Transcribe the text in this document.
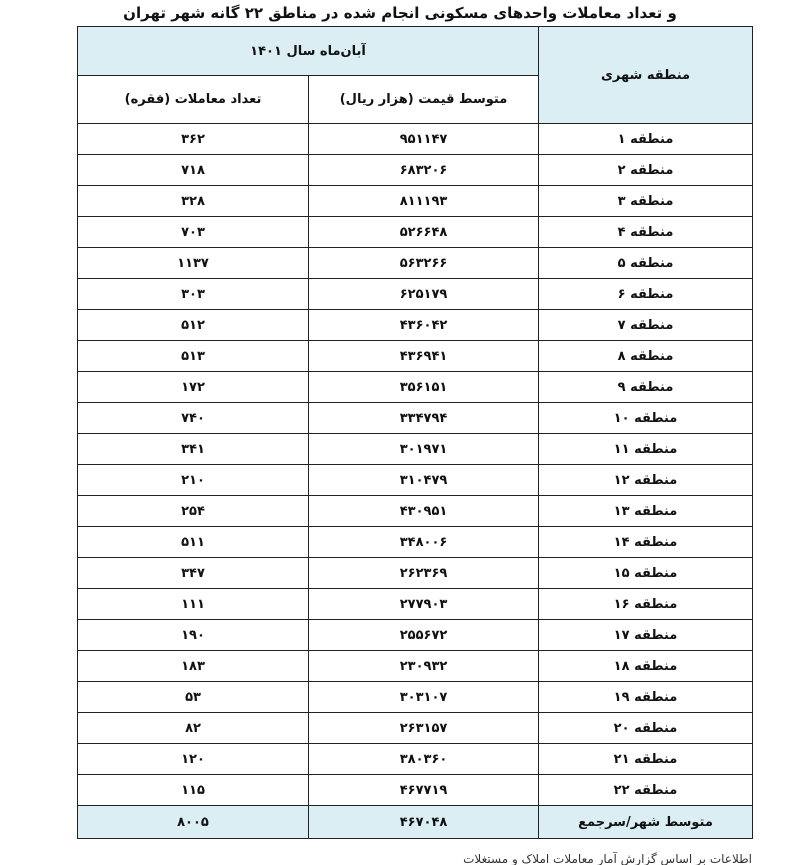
و تعداد معاملات واحدهای مسکونی انجام شده در مناطق ۲۲ گانه شهر تهران
منطقه شهری	آبان‌ماه سال ۱۴۰۱	
	متوسط قیمت (هزار ریال)	تعداد معاملات (فقره)
منطقه ۱	۹۵۱۱۴۷	۳۶۲
منطقه ۲	۶۸۳۲۰۶	۷۱۸
منطقه ۳	۸۱۱۱۹۳	۳۲۸
منطقه ۴	۵۲۶۶۴۸	۷۰۳
منطقه ۵	۵۶۳۲۶۶	۱۱۳۷
منطقه ۶	۶۲۵۱۷۹	۳۰۳
منطقه ۷	۴۳۶۰۴۲	۵۱۲
منطقه ۸	۴۳۶۹۴۱	۵۱۳
منطقه ۹	۳۵۶۱۵۱	۱۷۲
منطقه ۱۰	۳۳۴۷۹۴	۷۴۰
منطقه ۱۱	۳۰۱۹۷۱	۳۴۱
منطقه ۱۲	۳۱۰۴۷۹	۲۱۰
منطقه ۱۳	۴۳۰۹۵۱	۲۵۴
منطقه ۱۴	۳۴۸۰۰۶	۵۱۱
منطقه ۱۵	۲۶۲۳۶۹	۳۴۷
منطقه ۱۶	۲۷۷۹۰۳	۱۱۱
منطقه ۱۷	۲۵۵۶۷۲	۱۹۰
منطقه ۱۸	۲۳۰۹۳۲	۱۸۳
منطقه ۱۹	۳۰۳۱۰۷	۵۳
منطقه ۲۰	۲۶۳۱۵۷	۸۲
منطقه ۲۱	۳۸۰۳۶۰	۱۲۰
منطقه ۲۲	۴۶۷۷۱۹	۱۱۵
متوسط شهر/سرجمع	۴۶۷۰۴۸	۸۰۰۵
اطلاعات بر اساس گزارش آمار معاملات املاک و مستغلات
